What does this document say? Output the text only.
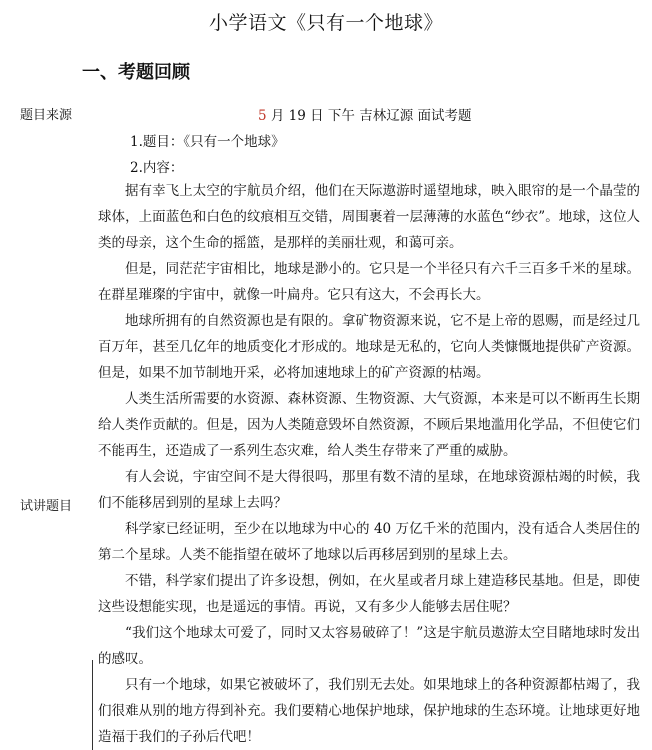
小学语文《只有一个地球》
一、考题回顾
题目来源	5 月 19 日 下午 吉林辽源 面试考题
1.题目：《只有一个地球》
2.内容：

据有幸飞上太空的宇航员介绍，他们在天际遨游时遥望地球，映入眼帘的是一个晶莹的球体，上面蓝色和白色的纹痕相互交错，周围裹着一层薄薄的水蓝色“纱衣”。地球，这位人类的母亲，这个生命的摇篮，是那样的美丽壮观，和蔼可亲。

但是，同茫茫宇宙相比，地球是渺小的。它只是一个半径只有六千三百多千米的星球。在群星璀璨的宇宙中，就像一叶扁舟。它只有这大，不会再长大。

地球所拥有的自然资源也是有限的。拿矿物资源来说，它不是上帝的恩赐，而是经过几百万年，甚至几亿年的地质变化才形成的。地球是无私的，它向人类慷慨地提供矿产资源。但是，如果不加节制地开采，必将加速地球上的矿产资源的枯竭。

人类生活所需要的水资源、森林资源、生物资源、大气资源，本来是可以不断再生长期给人类作贡献的。但是，因为人类随意毁坏自然资源，不顾后果地滥用化学品，不但使它们不能再生，还造成了一系列生态灾难，给人类生存带来了严重的威胁。

试讲题目

有人会说，宇宙空间不是大得很吗，那里有数不清的星球，在地球资源枯竭的时候，我们不能移居到别的星球上去吗？

科学家已经证明，至少在以地球为中心的 40 万亿千米的范围内，没有适合人类居住的第二个星球。人类不能指望在破坏了地球以后再移居到别的星球上去。

不错，科学家们提出了许多设想，例如，在火星或者月球上建造移民基地。但是，即使这些设想能实现，也是遥远的事情。再说，又有多少人能够去居住呢？

“我们这个地球太可爱了，同时又太容易破碎了！”这是宇航员遨游太空目睹地球时发出的感叹。

只有一个地球，如果它被破坏了，我们别无去处。如果地球上的各种资源都枯竭了，我们很难从别的地方得到补充。我们要精心地保护地球，保护地球的生态环境。让地球更好地造福于我们的子孙后代吧！
